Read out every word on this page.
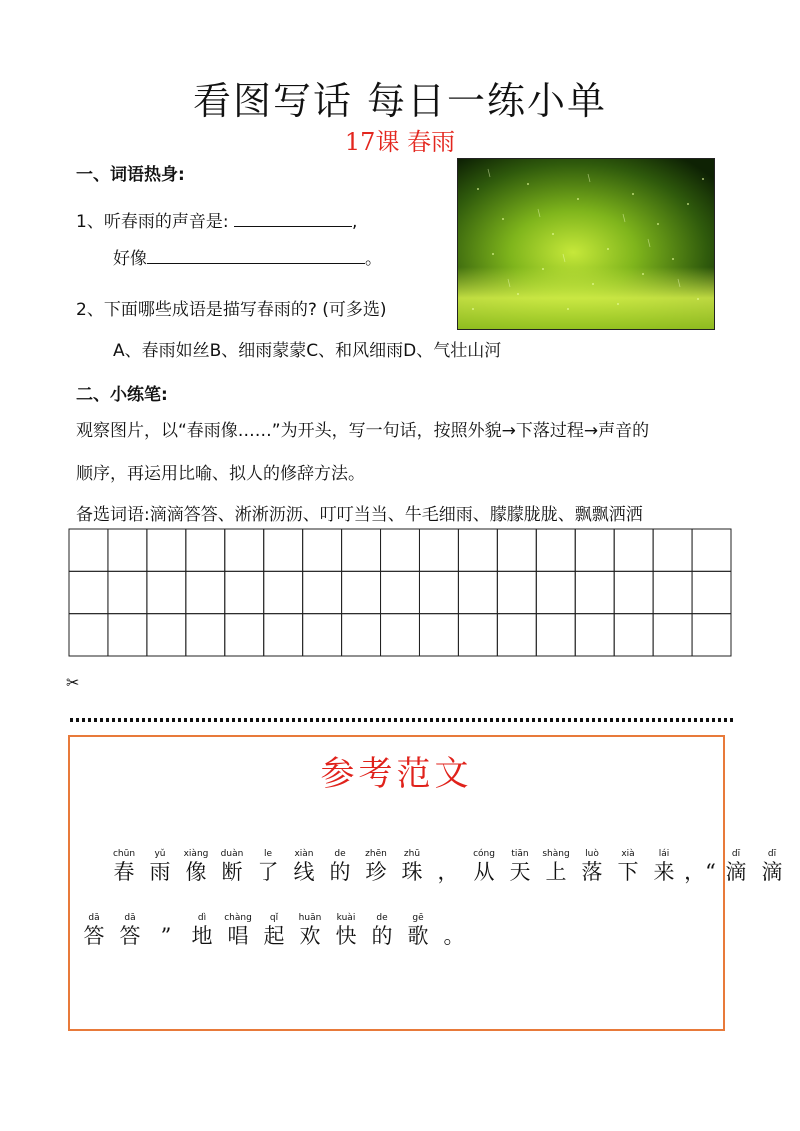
看图写话 每日一练小单
17课 春雨
一、词语热身:
1、听春雨的声音是:	,
好像	。
2、下面哪些成语是描写春雨的? (可多选)
A、春雨如丝B、细雨蒙蒙C、和风细雨D、气壮山河
二、小练笔:
观察图片，以“春雨像……”为开头，写一句话，按照外貌→下落过程→声音的
顺序，再运用比喻、拟人的修辞方法。
备选词语:滴滴答答、淅淅沥沥、叮叮当当、牛毛细雨、朦朦胧胧、飘飘洒洒
✂
参考范文
chūn
春
yǔ
雨
xiàng
像
duàn
断
le
了
xiàn
线
de
的
zhēn
珍
zhū
珠 ，
cóng
从
tiān
天
shàng
上
luò
落
xià
下
lái
来 ，“
dī
滴
dī
滴
dā
答
dā
答 ”
dì
地
chàng
唱
qǐ
起
huān
欢
kuài
快
de
的
gē
歌 。
